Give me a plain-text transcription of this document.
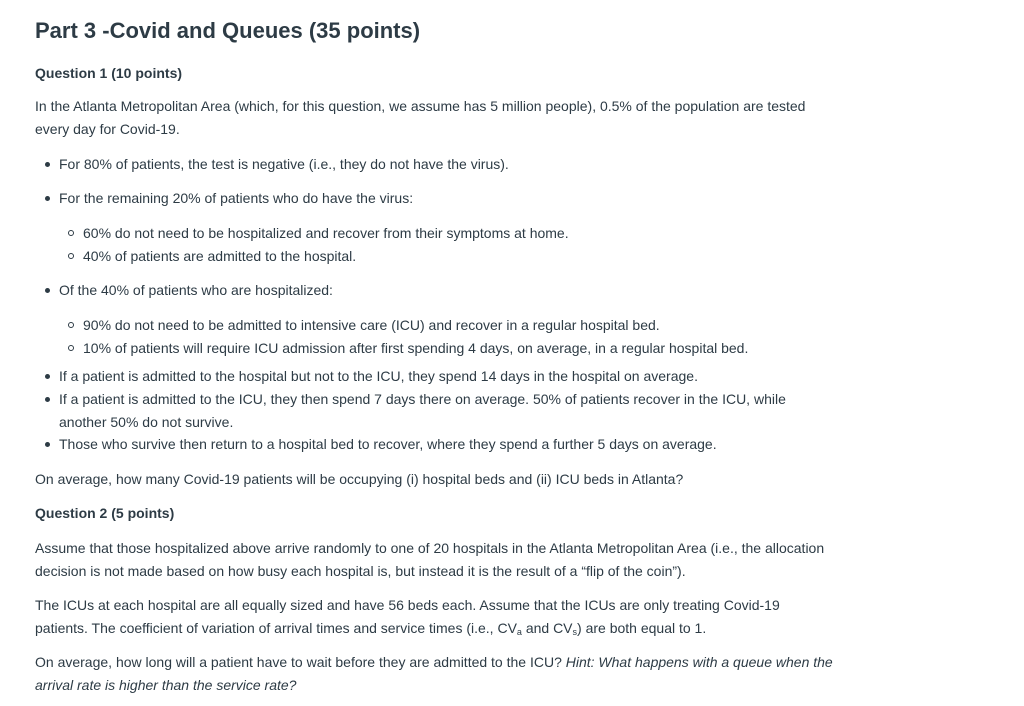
Part 3 -Covid and Queues (35 points)

Question 1 (10 points)

In the Atlanta Metropolitan Area (which, for this question, we assume has 5 million people), 0.5% of the population are tested every day for Covid-19.

For 80% of patients, the test is negative (i.e., they do not have the virus).

For the remaining 20% of patients who do have the virus:

60% do not need to be hospitalized and recover from their symptoms at home.

40% of patients are admitted to the hospital.

Of the 40% of patients who are hospitalized:

90% do not need to be admitted to intensive care (ICU) and recover in a regular hospital bed.

10% of patients will require ICU admission after first spending 4 days, on average, in a regular hospital bed.

If a patient is admitted to the hospital but not to the ICU, they spend 14 days in the hospital on average.

If a patient is admitted to the ICU, they then spend 7 days there on average. 50% of patients recover in the ICU, while another 50% do not survive.

Those who survive then return to a hospital bed to recover, where they spend a further 5 days on average.

On average, how many Covid-19 patients will be occupying (i) hospital beds and (ii) ICU beds in Atlanta?

Question 2 (5 points)

Assume that those hospitalized above arrive randomly to one of 20 hospitals in the Atlanta Metropolitan Area (i.e., the allocation decision is not made based on how busy each hospital is, but instead it is the result of a “flip of the coin”).

The ICUs at each hospital are all equally sized and have 56 beds each. Assume that the ICUs are only treating Covid-19 patients. The coefficient of variation of arrival times and service times (i.e., $CV_a$ and $CV_s$) are both equal to 1.

On average, how long will a patient have to wait before they are admitted to the ICU? Hint: What happens with a queue when the arrival rate is higher than the service rate?
